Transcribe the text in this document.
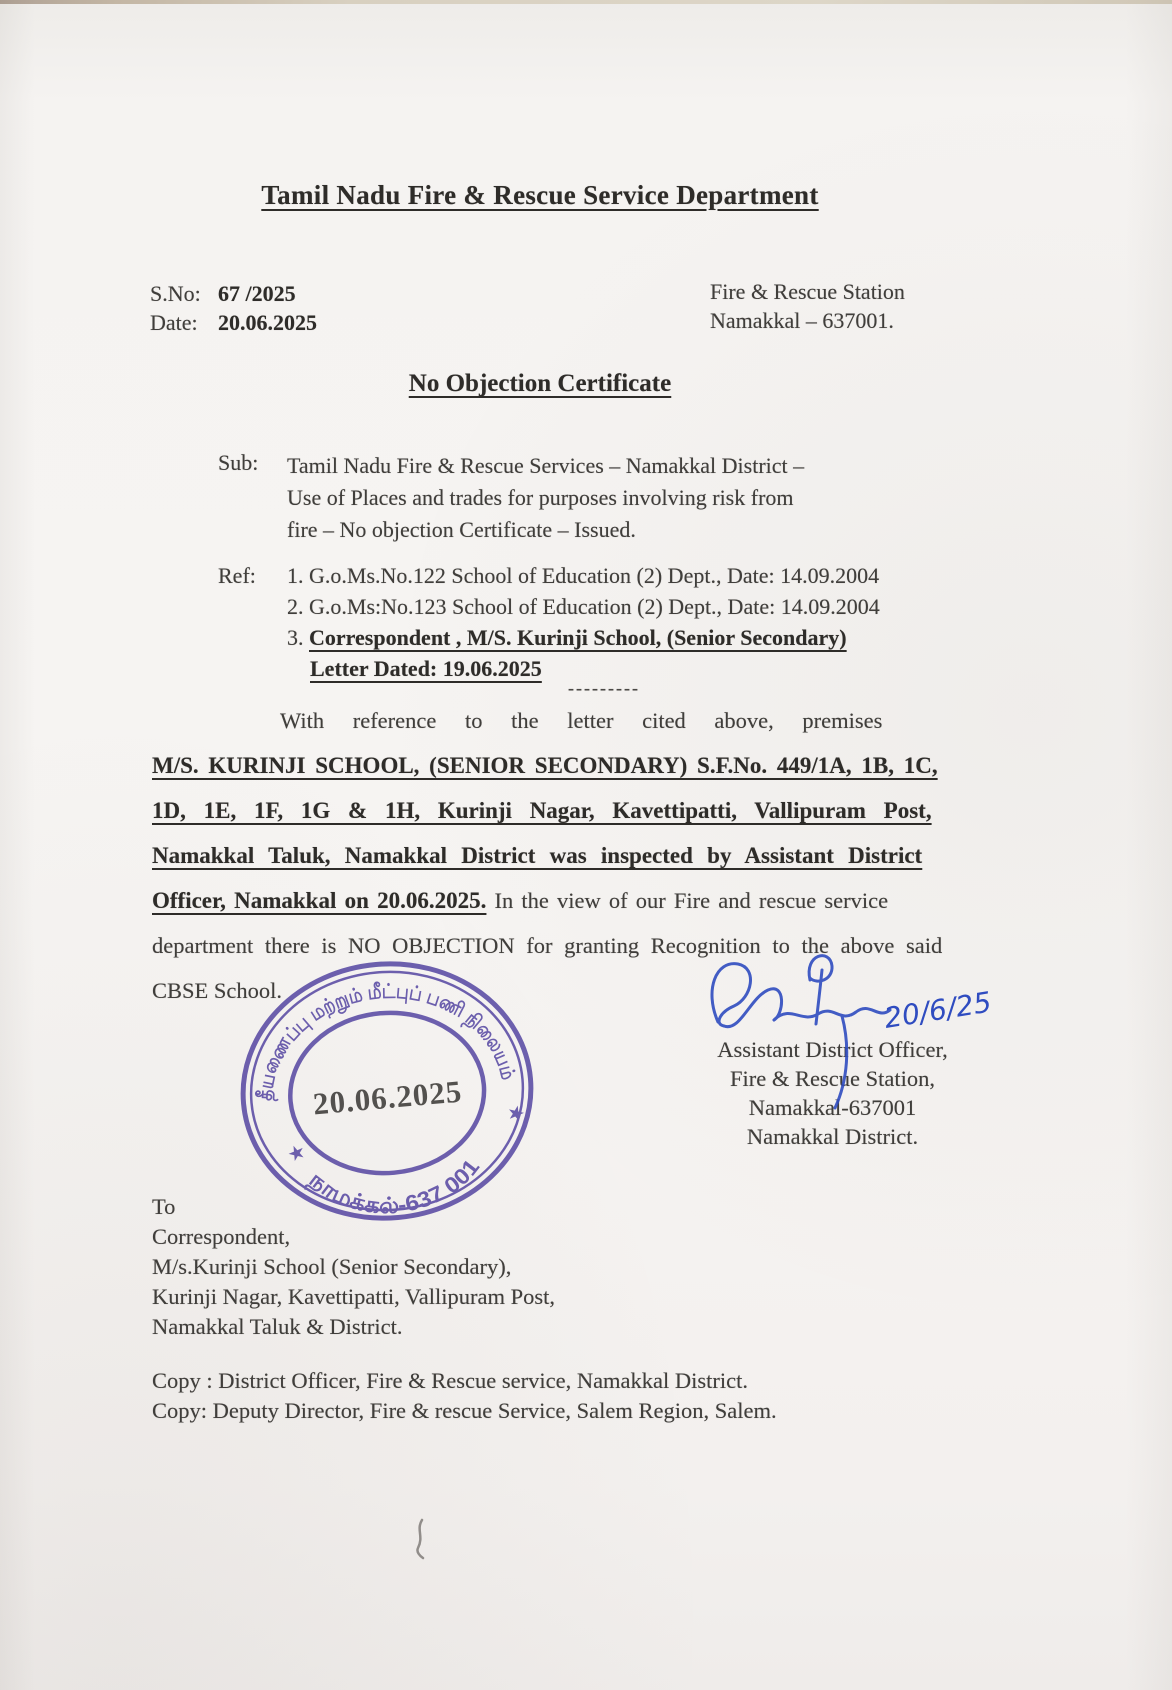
Tamil Nadu Fire & Rescue Service Department
S.No: 67 /2025
Date: 20.06.2025
Fire & Rescue Station
Namakkal – 637001.
No Objection Certificate
Sub: Tamil Nadu Fire & Rescue Services – Namakkal District –
Use of Places and trades for purposes involving risk from
fire – No objection Certificate – Issued.
Ref: 1. G.o.Ms.No.122 School of Education (2) Dept., Date: 14.09.2004
2. G.o.Ms:No.123 School of Education (2) Dept., Date: 14.09.2004
3. Correspondent , M/S. Kurinji School, (Senior Secondary)
Letter Dated: 19.06.2025
---------
With reference to the letter cited above, premises
M/S. KURINJI SCHOOL, (SENIOR SECONDARY) S.F.No. 449/1A, 1B, 1C,
1D, 1E, 1F, 1G & 1H, Kurinji Nagar, Kavettipatti, Vallipuram Post,
Namakkal Taluk, Namakkal District was inspected by Assistant District
Officer, Namakkal on 20.06.2025. In the view of our Fire and rescue service
department there is NO OBJECTION for granting Recognition to the above said
CBSE School.
தீயணைப்பு மற்றும் மீட்புப் பணி நிலையம்
நாமக்கல்-637 001
★
★
20.06.2025
20/6/25
Assistant District Officer,
Fire & Rescue Station,
Namakkal-637001
Namakkal District.
To
Correspondent,
M/s.Kurinji School (Senior Secondary),
Kurinji Nagar, Kavettipatti, Vallipuram Post,
Namakkal Taluk & District.
Copy : District Officer, Fire & Rescue service, Namakkal District.
Copy: Deputy Director, Fire & rescue Service, Salem Region, Salem.
